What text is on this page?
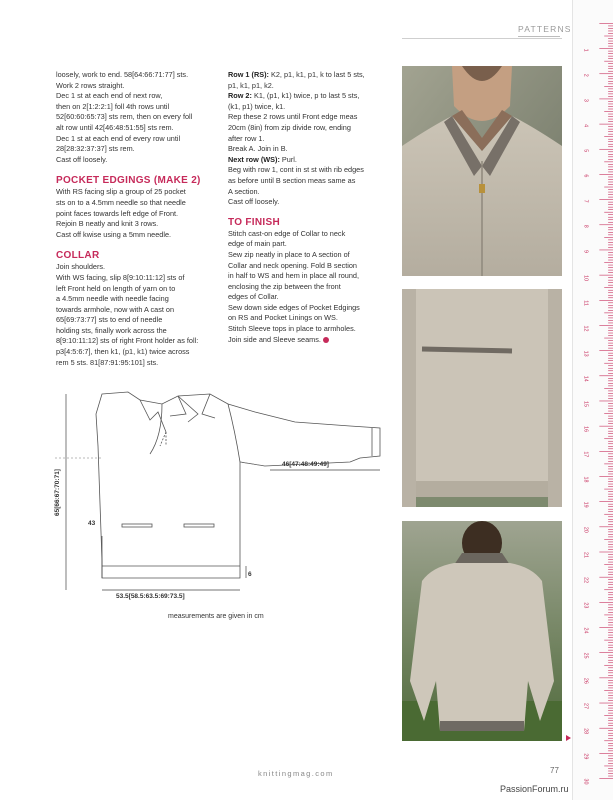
PATTERNS

loosely, work to end. 58[64:66:71:77] sts.

Work 2 rows straight.

Dec 1 st at each end of next row,

then on 2[1:2:2:1] foll 4th rows until

52[60:60:65:73] sts rem, then on every foll

alt row until 42[46:48:51:55] sts rem.

Dec 1 st at each end of every row until

28[28:32:37:37] sts rem.

Cast off loosely.

POCKET EDGINGS (MAKE 2)

With RS facing slip a group of 25 pocket

sts on to a 4.5mm needle so that needle

point faces towards left edge of Front.

Rejoin B neatly and knit 3 rows.

Cast off kwise using a 5mm needle.

COLLAR

Join shoulders.

With WS facing, slip 8[9:10:11:12] sts of

left Front held on length of yarn on to

a 4.5mm needle with needle facing

towards armhole, now with A cast on

65[69:73:77] sts to end of needle

holding sts, finally work across the

8[9:10:11:12] sts of right Front holder as foll:

p3[4:5:6:7], then k1, (p1, k1) twice across

rem 5 sts. 81[87:91:95:101] sts.

Row 1 (RS): K2, p1, k1, p1, k to last 5 sts,

p1, k1, p1, k2.

Row 2: K1, (p1, k1) twice, p to last 5 sts,

(k1, p1) twice, k1.

Rep these 2 rows until Front edge meas

20cm (8in) from zip divide row, ending

after row 1.

Break A. Join in B.

Next row (WS): Purl.

Beg with row 1, cont in st st with rib edges

as before until B section meas same as

A section.

Cast off loosely.

TO FINISH

Stitch cast-on edge of Collar to neck

edge of main part.

Sew zip neatly in place to A section of

Collar and neck opening. Fold B section

in half to WS and hem in place all round,

enclosing the zip between the front

edges of Collar.

Sew down side edges of Pocket Edgings

on RS and Pocket Linings on WS.

Stitch Sleeve tops in place to armholes.

Join side and Sleeve seams.

65[66:67:70:71]
46[47:48:49:49]
43
6
53.5[58.5:63.5:69:73.5]
measurements are given in cm
1
2
3
4
5
6
7
8
9
10
11
12
13
14
15
16
17
18
19
20
21
22
23
24
25
26
27
28
29
30
knittingmag.com	77
PassionForum.ru
